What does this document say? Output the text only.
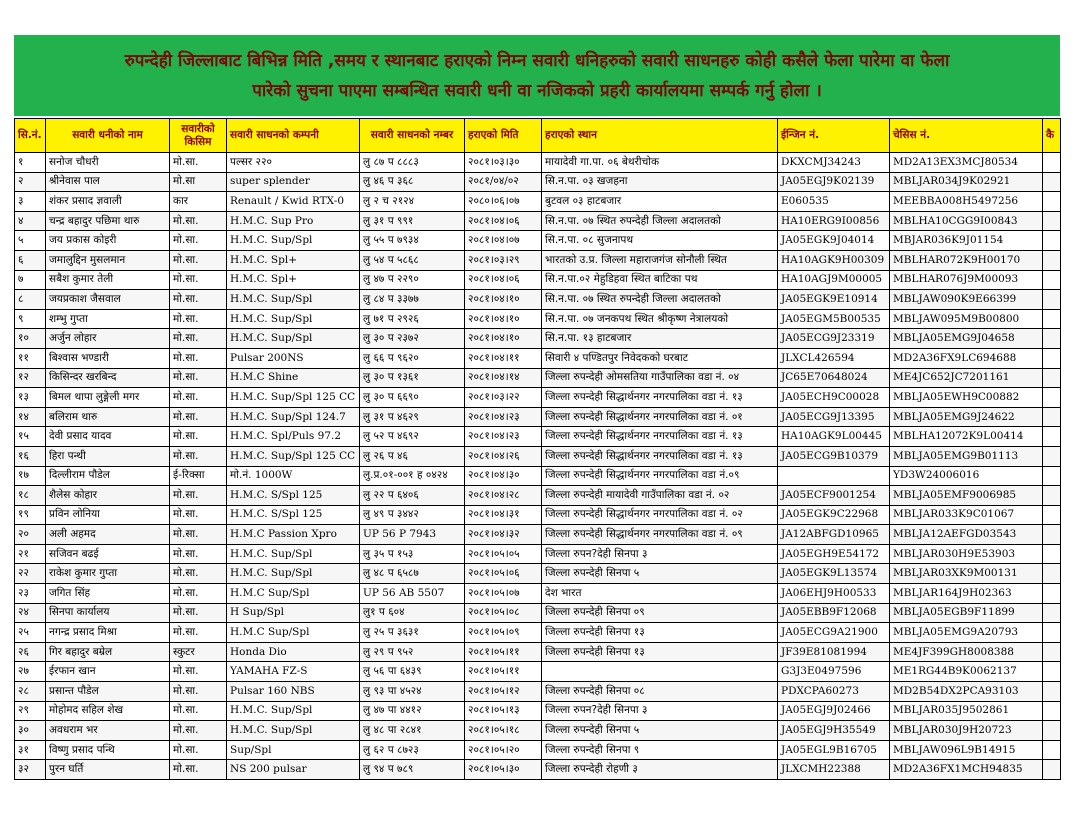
रुपन्देही जिल्लाबाट बिभिन्न मिति ,समय र स्थानबाट हराएको निम्न सवारी धनिहरुको सवारी साधनहरु कोही कसैले फेला पारेमा वा फेला
पारेको सुचना पाएमा सम्बन्धित सवारी धनी वा नजिकको प्रहरी कार्यालयमा सम्पर्क गर्नु होला ।
सि.नं.	सवारी धनीको नाम	सवारीको किसिम	सवारी साधनको कम्पनी	सवारी साधनको नम्बर	हराएको मिति	हराएको स्थान	ईन्जिन नं.	चेसिस नं.	कै
१	सनोज चौधरी	मो.सा.	पल्सर २२०	लु ८७ प ८८८३	२०८१।०३।३०	मायादेवी गा.पा. ०६ बेथरीचोक	DKXCMJ34243	MD2A13EX3MCJ80534	
२	श्रीनेवास पाल	मो.सा	super splender	लु ४६ प ३६८	२०८१/०४/०२	सि.न.पा. ०३ खजहना	JA05EGJ9K02139	MBLJAR034J9K02921	
३	शंकर प्रसाद ज्ञवाली	कार	Renault / Kwid RTX-0	लु २ च २१२४	२०८०।०६।०७	बुटवल ०३ हाटबजार	E060535	MEEBBA008H5497256	
४	चन्द्र बहादुर पछिमा थारु	मो.सा.	H.M.C. Sup Pro	लु ३१ प ९९१	२०८१।०४।०६	सि.न.पा. ०७ स्थित रुपन्देही जिल्ला अदालतको	HA10ERG9I00856	MBLHA10CGG9I00843	
५	जय प्रकास कोइरी	मो.सा.	H.M.C. Sup/Spl	लु ५५ प ७९३४	२०८१।०४।०७	सि.न.पा. ०८ सुजनापथ	JA05EGK9J04014	MBJAR036K9J01154	
६	जमालुद्दिन मुसलमान	मो.सा.	H.M.C. Spl+	लु ५४ प ५८६८	२०८१।०३।२९	भारतको उ.प्र. जिल्ला महाराजगंज सोनौली स्थित	HA10AGK9H00309	MBLHAR072K9H00170	
७	सबैश कुमार तेली	मो.सा.	H.M.C. Spl+	लु ४७ प २२९०	२०८१।०४।०६	सि.न.पा.०२ मेहुडिहवा स्थित बाटिका पथ	HA10AGJ9M00005	MBLHAR076J9M00093	
८	जयप्रकाश जैसवाल	मो.सा.	H.M.C. Sup/Spl	लु ८४ प ३३७७	२०८१।०४।१०	सि.न.पा. ०७ स्थित रुपन्देही जिल्ला अदालतको	JA05EGK9E10914	MBLJAW090K9E66399	
९	शम्भु गुप्ता	मो.सा.	H.M.C. Sup/Spl	लु ७१ प २९२६	२०८१।०४।१०	सि.न.पा. ०७ जनकपथ स्थित श्रीकृष्ण नेत्रालयको	JA05EGM5B00535	MBLJAW095M9B00800	
१०	अर्जुन लोहार	मो.सा.	H.M.C. Sup/Spl	लु ३० प २३७२	२०८१।०४।१०	सि.न.पा. १३ हाटबजार	JA05ECG9J23319	MBLJA05EMG9J04658	
११	बिश्वास भण्डारी	मो.सा.	Pulsar 200NS	लु ६६ प ९६२०	२०८१।०४।११	सिवारी ४ पण्डितपुर निवेदकको घरबाट	JLXCL426594	MD2A36FX9LC694688	
१२	किसिन्दर खरबिन्द	मो.सा.	H.M.C Shine	लु ३० प १३६१	२०८१।०४।१४	जिल्ला रुपन्देही ओमसतिया गाउँपालिका वडा नं. ०४	JC65E70648024	ME4JC652JC7201161	
१३	बिमल थापा लुङ्गेली मगर	मो.सा.	H.M.C. Sup/Spl 125 CC	लु ३० प ६६९०	२०८१।०३।२२	जिल्ला रुपन्देही सिद्धार्थनगर नगरपालिका वडा नं. १३	JA05ECH9C00028	MBLJA05EWH9C00882	
१४	बलिराम थारु	मो.सा.	H.M.C. Sup/Spl 124.7	लु ३१ प ४६२९	२०८१।०४।२३	जिल्ला रुपन्देही सिद्धार्थनगर नगरपालिका वडा नं. ०१	JA05ECG9J13395	MBLJA05EMG9J24622	
१५	देवी प्रसाद यादव	मो.सा.	H.M.C. Spl/Puls 97.2	लु ५२ प ४६९२	२०८१।०४।२३	जिल्ला रुपन्देही सिद्धार्थनगर नगरपालिका वडा नं. १३	HA10AGK9L00445	MBLHA12072K9L00414	
१६	हिरा पन्थी	मो.सा.	H.M.C. Sup/Spl 125 CC	लु २६ प ४६	२०८१।०४।२६	जिल्ला रुपन्देही सिद्धार्थनगर नगरपालिका वडा नं. १३	JA05ECG9B10379	MBLJA05EMG9B01113	
१७	दिल्लीराम पौडेल	ई-रिक्सा	मो.नं. 1000W	लु.प्र.०१-००१ ह ०४२४	२०८१।०४।३०	जिल्ला रुपन्देही सिद्धार्थनगर नगरपालिका वडा नं.०९		YD3W24006016	
१८	शैलेस कोहार	मो.सा.	H.M.C. S/Spl 125	लु २२ प ६४०६	२०८१।०४।२८	जिल्ला रुपन्देही मायादेवी गाउँपालिका वडा नं. ०२	JA05ECF9001254	MBLJA05EMF9006985	
१९	प्रविन लोनिया	मो.सा.	H.M.C. S/Spl 125	लु ४९ प ३४४२	२०८१।०४।३१	जिल्ला रुपन्देही सिद्धार्थनगर नगरपालिका वडा नं. ०२	JA05EGK9C22968	MBLJAR033K9C01067	
२०	अली अहमद	मो.सा.	H.M.C Passion Xpro	UP 56 P 7943	२०८१।०४।३२	जिल्ला रुपन्देही सिद्धार्थनगर नगरपालिका वडा नं. ०९	JA12ABFGD10965	MBLJA12AEFGD03543	
२१	सजिवन बढई	मो.सा.	H.M.C. Sup/Spl	लु ३५ प १५३	२०८१।०५।०५	जिल्ला रुपन?देही सिनपा ३	JA05EGH9E54172	MBLJAR030H9E53903	
२२	राकेश कुमार गुप्ता	मो.सा.	H.M.C. Sup/Spl	लु ४८ प ६५८७	२०८१।०५।०६	जिल्ला रुपन्देही सिनपा ५	JA05EGK9L13574	MBLJAR03XK9M00131	
२३	जगित सिंह	मो.सा.	H.M.C Sup/Spl	UP 56 AB 5507	२०८१।०५।०७	देश भारत	JA06EHJ9H00533	MBLJAR164J9H02363	
२४	सिनपा कार्यालय	मो.सा.	H Sup/Spl	लु१ प ६०४	२०८१।०५।०८	जिल्ला रुपन्देही सिनपा ०९	JA05EBB9F12068	MBLJA05EGB9F11899	
२५	नगन्द्र प्रसाद मिश्रा	मो.सा.	H.M.C Sup/Spl	लु २५ प ३६३१	२०८१।०५।०९	जिल्ला रुपन्देही सिनपा १३	JA05ECG9A21900	MBLJA05EMG9A20793	
२६	गिर बहादुर बम्रेल	स्कुटर	Honda Dio	लु २९ प ९५२	२०८१।०५।११	जिल्ला रुपन्देही सिनपा १३	JF39E81081994	ME4JF399GH8008388	
२७	ईरफान खान	मो.सा.	YAMAHA FZ-S	लु ५६ पा ६४३९	२०८१।०५।११		G3J3E0497596	ME1RG44B9K0062137	
२८	प्रसान्त पौडेल	मो.सा.	Pulsar 160 NBS	लु ९३ पा ४५२४	२०८१।०५।१२	जिल्ला रुपन्देही सिनपा ०८	PDXCPA60273	MD2B54DX2PCA93103	
२९	मोहोमद सहिल शेख	मो.सा.	H.M.C. Sup/Spl	लु ४७ पा ४४१२	२०८१।०५।१३	जिल्ला रुपन?देही सिनपा ३	JA05EGJ9J02466	MBLJAR035J9502861	
३०	अवधराम भर	मो.सा.	H.M.C. Sup/Spl	लु ४८ पा २८४१	२०८१।०५।१८	जिल्ला रुपन्देही सिनपा ५	JA05EGJ9H35549	MBLJAR030J9H20723	
३१	विष्णु प्रसाद पन्थि	मो.सा.	Sup/Spl	लु ६२ प ८७२३	२०८१।०५।२०	जिल्ला रुपन्देही सिनपा ९	JA05EGL9B16705	MBLJAW096L9B14915	
३२	पुरन घर्ति	मो.सा.	NS 200 pulsar	लु ९४ प ७८९	२०८१।०५।३०	जिल्ला रुपन्देही रोहणी ३	JLXCMH22388	MD2A36FX1MCH94835	
